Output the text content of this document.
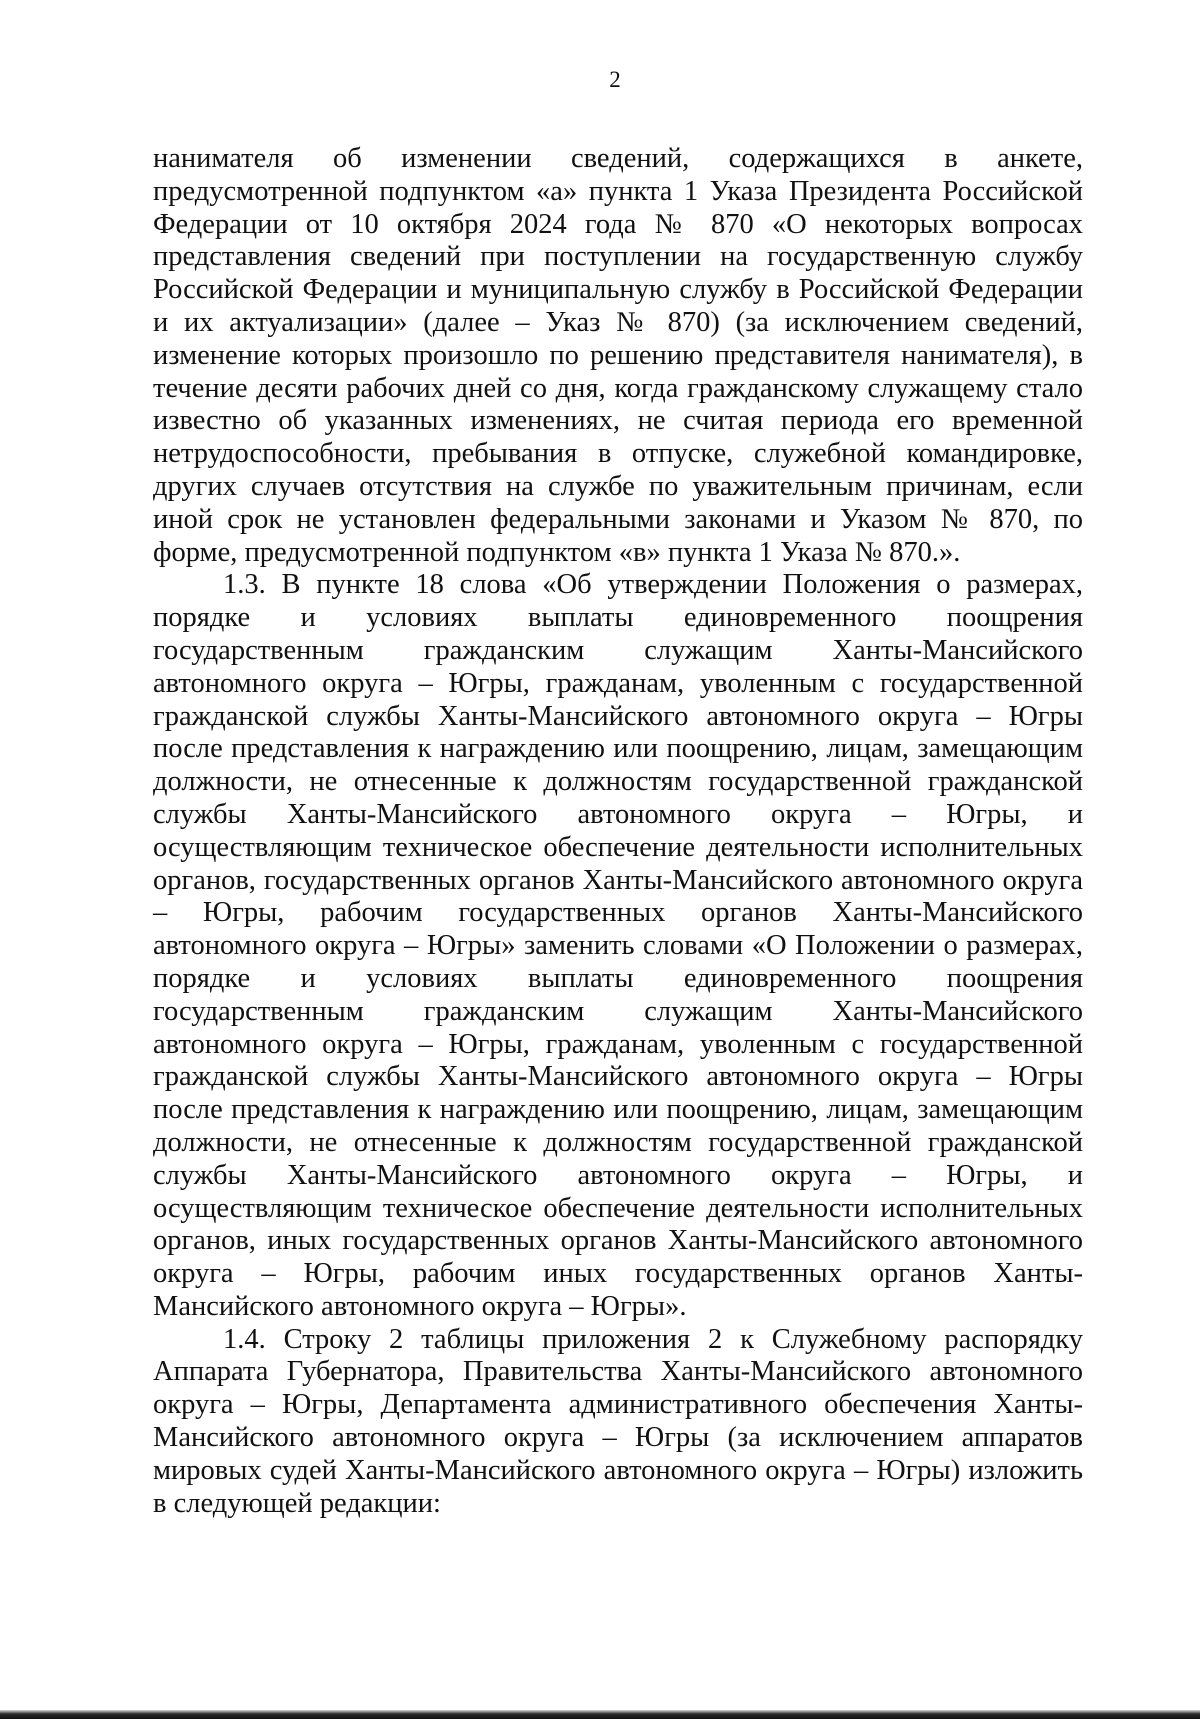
2

нанимателя об изменении сведений, содержащихся в анкете, предусмотренной подпунктом «а» пункта 1 Указа Президента Российской Федерации от 10 октября 2024 года № 870 «О некоторых вопросах представления сведений при поступлении на государственную службу Российской Федерации и муниципальную службу в Российской Федерации и их актуализации» (далее – Указ № 870) (за исключением сведений, изменение которых произошло по решению представителя нанимателя), в течение десяти рабочих дней со дня, когда гражданскому служащему стало известно об указанных изменениях, не считая периода его временной нетрудоспособности, пребывания в отпуске, служебной командировке, других случаев отсутствия на службе по уважительным причинам, если иной срок не установлен федеральными законами и Указом № 870, по форме, предусмотренной подпунктом «в» пункта 1 Указа № 870.».

1.3. В пункте 18 слова «Об утверждении Положения о размерах, порядке и условиях выплаты единовременного поощрения государственным гражданским служащим Ханты-Мансийского автономного округа – Югры, гражданам, уволенным с государственной гражданской службы Ханты-Мансийского автономного округа – Югры после представления к награждению или поощрению, лицам, замещающим должности, не отнесенные к должностям государственной гражданской службы Ханты-Мансийского автономного округа – Югры, и осуществляющим техническое обеспечение деятельности исполнительных органов, государственных органов Ханты-Мансийского автономного округа – Югры, рабочим государственных органов Ханты-Мансийского автономного округа – Югры» заменить словами «О Положении о размерах, порядке и условиях выплаты единовременного поощрения государственным гражданским служащим Ханты-Мансийского автономного округа – Югры, гражданам, уволенным с государственной гражданской службы Ханты-Мансийского автономного округа – Югры после представления к награждению или поощрению, лицам, замещающим должности, не отнесенные к должностям государственной гражданской службы Ханты-Мансийского автономного округа – Югры, и осуществляющим техническое обеспечение деятельности исполнительных органов, иных государственных органов Ханты-Мансийского автономного округа – Югры, рабочим иных государственных органов Ханты-Мансийского автономного округа – Югры».

1.4. Строку 2 таблицы приложения 2 к Служебному распорядку Аппарата Губернатора, Правительства Ханты-Мансийского автономного округа – Югры, Департамента административного обеспечения Ханты-Мансийского автономного округа – Югры (за исключением аппаратов мировых судей Ханты-Мансийского автономного округа – Югры) изложить в следующей редакции:
